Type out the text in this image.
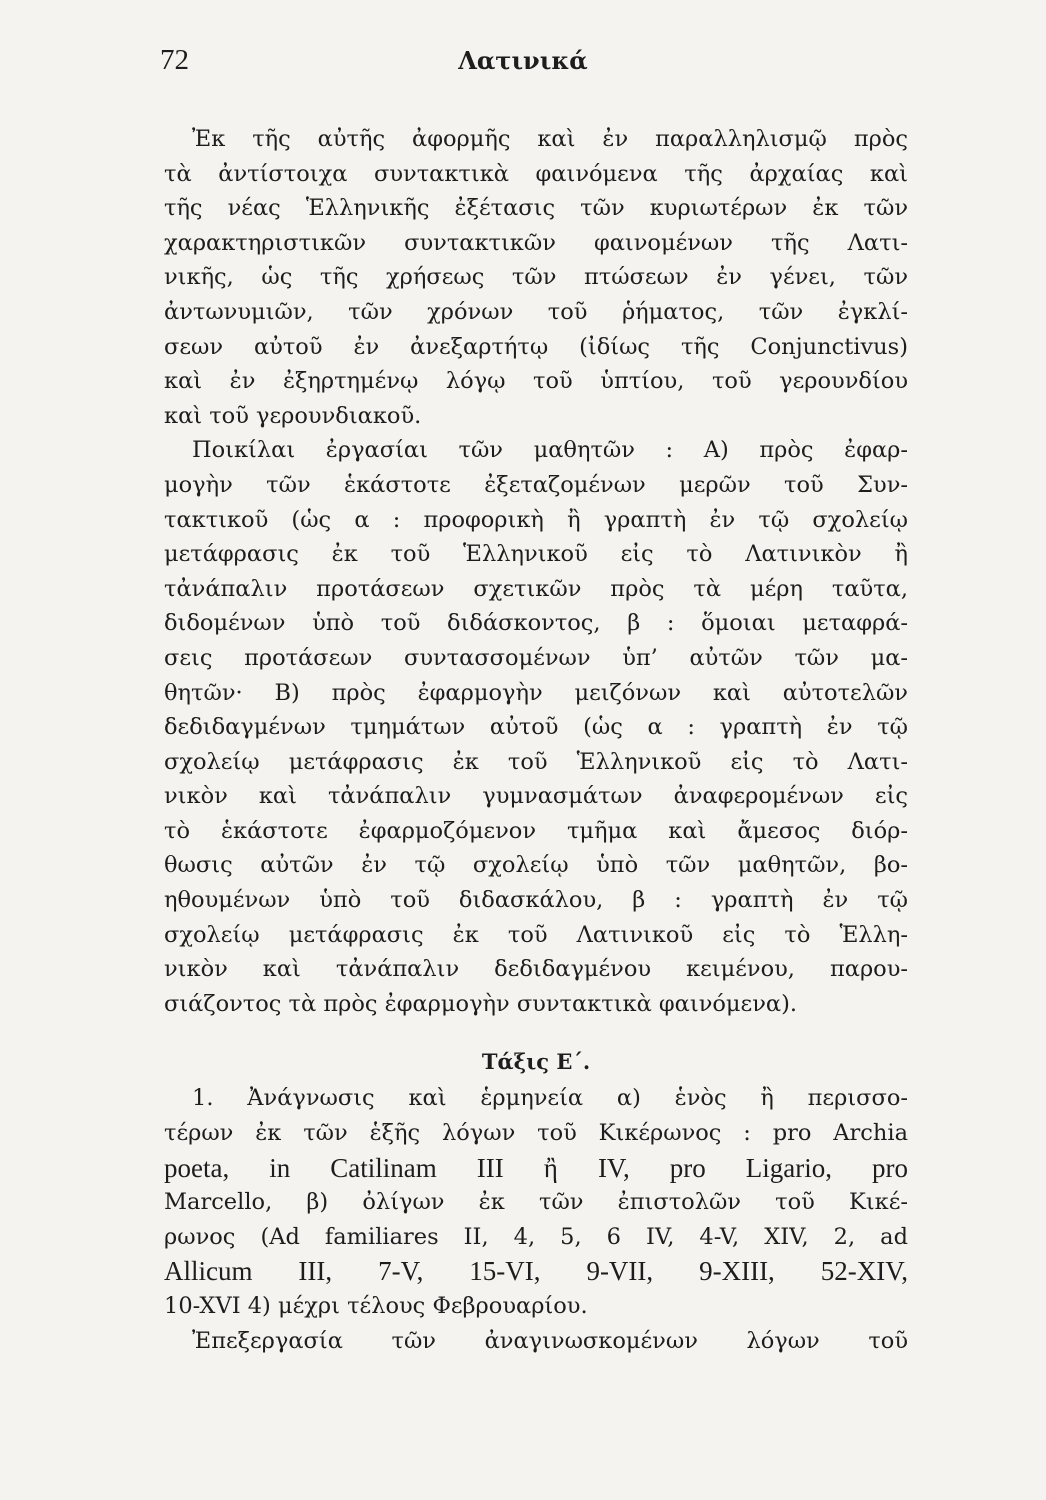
72	Λατινικά
Ἐκ τῆς αὐτῆς ἀφορμῆς καὶ ἐν παραλληλισμῷ πρὸς
τὰ ἀντίστοιχα συντακτικὰ φαινόμενα τῆς ἀρχαίας καὶ
τῆς νέας Ἑλληνικῆς ἐξέτασις τῶν κυριωτέρων ἐκ τῶν
χαρακτηριστικῶν συντακτικῶν φαινομένων τῆς Λατι-
νικῆς, ὡς τῆς χρήσεως τῶν πτώσεων ἐν γένει, τῶν
ἀντωνυμιῶν, τῶν χρόνων τοῦ ῥήματος, τῶν ἐγκλί-
σεων αὐτοῦ ἐν ἀνεξαρτήτῳ (ἰδίως τῆς Conjunctivus)
καὶ ἐν ἐξηρτημένῳ λόγῳ τοῦ ὑπτίου, τοῦ γερουνδίου
καὶ τοῦ γερουνδιακοῦ.
Ποικίλαι ἐργασίαι τῶν μαθητῶν : Α) πρὸς ἐφαρ-
μογὴν τῶν ἑκάστοτε ἐξεταζομένων μερῶν τοῦ Συν-
τακτικοῦ (ὡς α : προφορικὴ ἢ γραπτὴ ἐν τῷ σχολείῳ
μετάφρασις ἐκ τοῦ Ἑλληνικοῦ εἰς τὸ Λατινικὸν ἢ
τἀνάπαλιν προτάσεων σχετικῶν πρὸς τὰ μέρη ταῦτα,
διδομένων ὑπὸ τοῦ διδάσκοντος, β : ὅμοιαι μεταφρά-
σεις προτάσεων συντασσομένων ὑπ’ αὐτῶν τῶν μα-
θητῶν· Β) πρὸς ἐφαρμογὴν μειζόνων καὶ αὐτοτελῶν
δεδιδαγμένων τμημάτων αὐτοῦ (ὡς α : γραπτὴ ἐν τῷ
σχολείῳ μετάφρασις ἐκ τοῦ Ἑλληνικοῦ εἰς τὸ Λατι-
νικὸν καὶ τἀνάπαλιν γυμνασμάτων ἀναφερομένων εἰς
τὸ ἑκάστοτε ἐφαρμοζόμενον τμῆμα καὶ ἄμεσος διόρ-
θωσις αὐτῶν ἐν τῷ σχολείῳ ὑπὸ τῶν μαθητῶν, βο-
ηθουμένων ὑπὸ τοῦ διδασκάλου, β : γραπτὴ ἐν τῷ
σχολείῳ μετάφρασις ἐκ τοῦ Λατινικοῦ εἰς τὸ Ἑλλη-
νικὸν καὶ τἀνάπαλιν δεδιδαγμένου κειμένου, παρου-
σιάζοντος τὰ πρὸς ἐφαρμογὴν συντακτικὰ φαινόμενα).
Τάξις Ε΄.
1. Ἀνάγνωσις καὶ ἑρμηνεία α) ἑνὸς ἢ περισσο-
τέρων ἐκ τῶν ἑξῆς λόγων τοῦ Κικέρωνος : pro Archia
poeta, in Catilinam III ἢ IV, pro Ligario, pro
Marcello, β) ὀλίγων ἐκ τῶν ἐπιστολῶν τοῦ Κικέ-
ρωνος (Ad familiares II, 4, 5, 6 IV, 4-V, XIV, 2, ad
Allicum III, 7-V, 15-VI, 9-VII, 9-XIII, 52-XIV,
10-XVI 4) μέχρι τέλους Φεβρουαρίου.
Ἐπεξεργασία τῶν ἀναγινωσκομένων λόγων τοῦ
